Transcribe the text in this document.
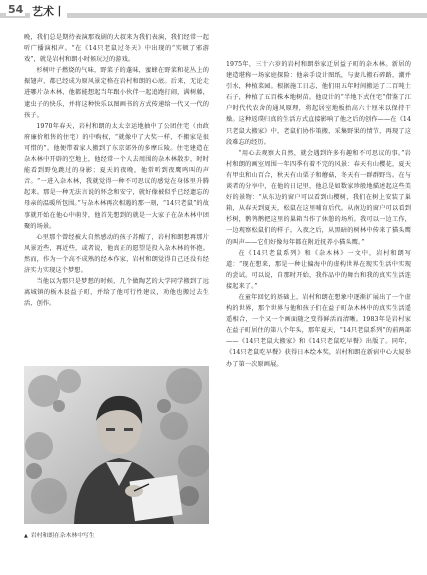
54 艺术丨

晚，我们总是期待表演那戏剧的大叔来为我们表演，我们经常一起听广播演相声。“在《14只老鼠过冬天》中出现的“实顿了邪游戏”，就是岩村和朗小时候玩过的游戏。

杉树叶子燃烧的气味，野菜子的蓬味，蜜蜂在野菜和花丛上的振翅声，都已经成为原风景定格在岩村和朗的心底。后来，无论走进哪片杂木林，他都能想起当年跟小伙伴一起追跑打闹，满树藤，逮虫子的快乐，并将这种快乐以图画书的方式传递给一代又一代的孩子。

1970年春天，岩村和朗的太太幸运地抽中了公团住宅（由政府廉价租售的住宅）的中购权，“就像中了大奖一样，不搬家是很可惜的”。他便带着家人搬到了东京郊外的多摩丘陵。住宅建造在杂木林中开辟的空地上，他经常一个人去周围的杂木林散步，时时能看到野兔跳过的身影；夏天的夜晚，他常听到夜鹰鸣叫的声音。“一进入杂木林，我就觉得一种不可思议的感觉在身体里升腾起来。那是一种无法言说的怀念和安宁，就好像被似乎已经遗忘的母亲的温暖所包围。”与杂木林再次相遇的那一刻，“14只老鼠”的故事就开始在他心中萌芽，他首先想到的就是一大家子在杂木林中团聚的场景。

心里那个曾经被大自然感动的孩子苏醒了，岩村和朗想再那片风景近些，再近些，或者说，他真正的愿望是投入杂木林的怀抱。然而，作为一个高不成熟的经本作家，岩村和朗觉得自己还没有经济实力实现这个梦想。

当他以为那只是梦想的时候，几个做陶艺的大学同学搬到了远离城镇的栃木县益子町，并给了他可行性建议，劝他也搬过去生活，创作。

1975年，三十六岁的岩村和朗举家迁居益子町的杂木林。新居的建造堪称一场家庭探险：他亲手设计图纸，与妻儿搬石碎路，潮并引水，种植菜园。根据施工日志，他们用五年时间搬运了二百吨土石子，种植了五百株本地树苗。他设计的“半地下式住宅”借鉴了江户时代代农舍的通风原理，将起居室地板抬高六十厘米以保持干燥。这种返璞归真的生活方式直接影响了他之后的创作——在《14只老鼠大搬家》中，老鼠们协作策搬，采集野果的情节，再现了这段难忘的经历。

“用心去观察大自然，就会遇到许多有趣和不可思议的事。”岩村和朗的画室周围一年四季有着不完的风景：春天有山樱花，夏天有甲虫和山百合，秋天有山栗子和蘑菇，冬天有一群群野鸟。在与谈者的分享中，在他的日记里，他总是如数家珍般地描述起这些美好的景物：“从东边的窗户可以看到山樱树，我们在树上安装了巢箱，从春天到夏天，松鼠在这里哺育后代。从南边的窗户可以看到杉树，鹡鸰鹡把这里的巢箱当作了休憩的场所。我可以一边工作，一边观察松鼠们的样子。入夜之后，从黑暗的树林中传来了猫头鹰的叫声——它们好像每年都在附近抚养小猫头鹰。”

在《14只老鼠系列》和《杂木林》一文中，岩村和朗写道：“现在想来，那是一种让偏海中的虚构世界在现实生活中实现的尝试。可以说，自那时开始，我作品中的舞台和我的真实生活连接起来了。”

在童年回忆的基础上，岩村和朗在想象中逐渐扩展出了一个虚构的世界，那个世界与他和孩子们在益子町杂木林中的真实生活遥遥相合，一个又一个画面随之变得鲜活而清晰。1983年是岩村家在益子町居住的第八个年头，那年夏天，“14只老鼠系列”的前两部——《14只老鼠大搬家》和《14只老鼠吃早餐》出版了。同年，《14只老鼠吃早餐》获得日本绘本奖，岩村和朗在新宿中心大厦举办了第一次原画展。

▲ 岩村和朗在杂木林中写生
